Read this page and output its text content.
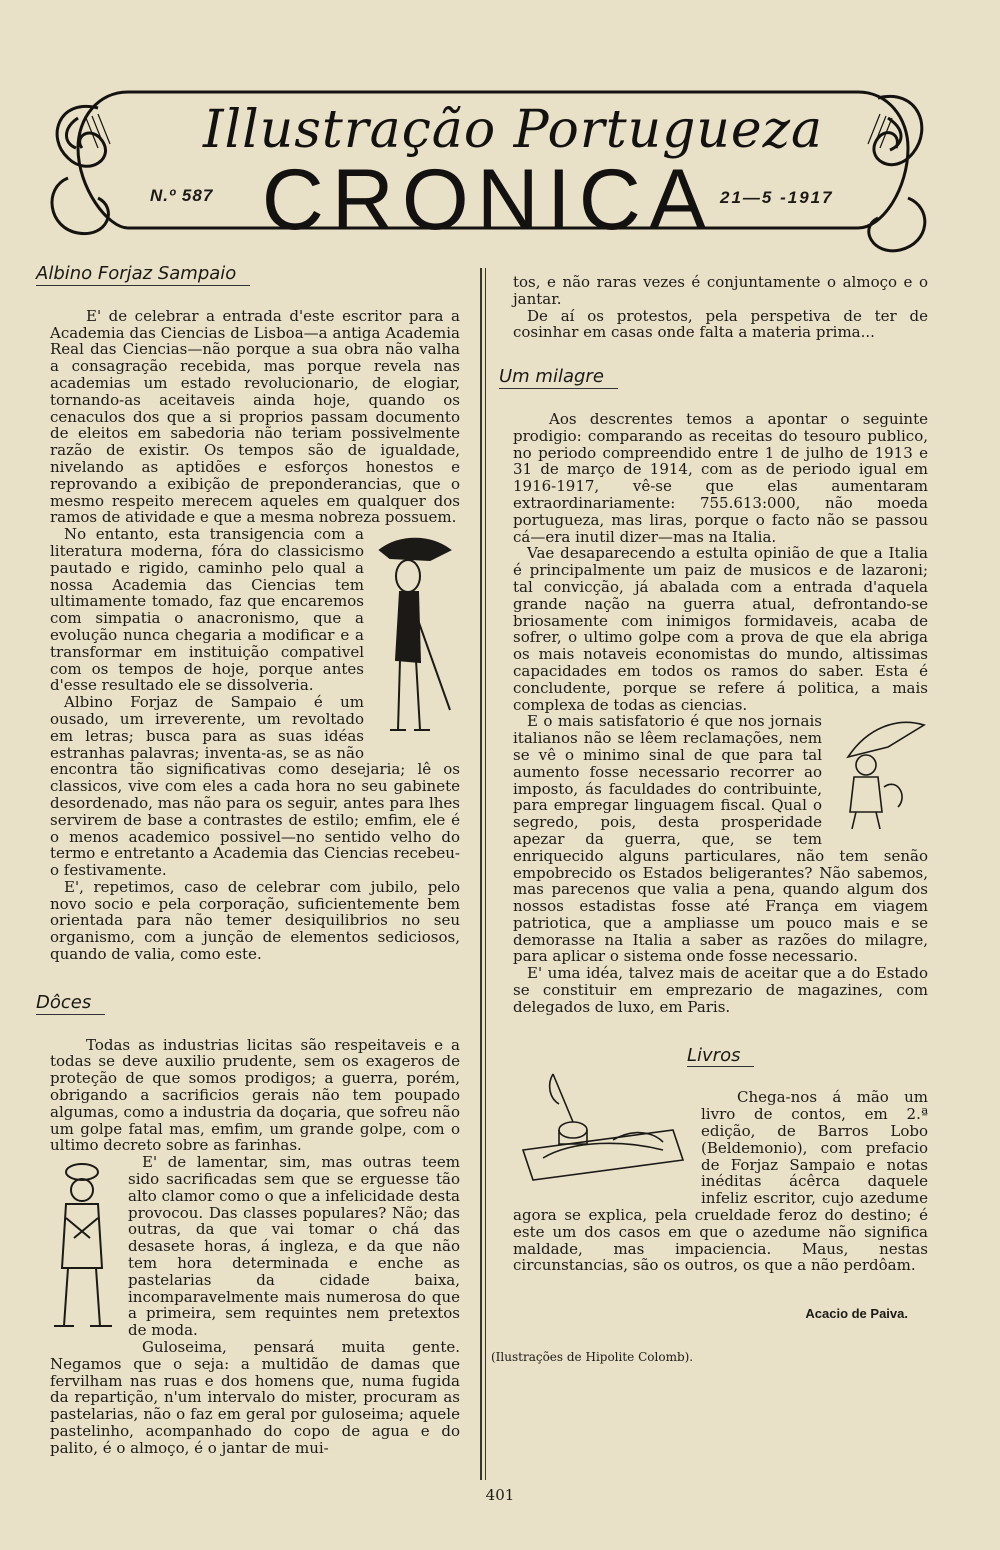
Illustração Portugueza
CRONICA
N.º 587	21—5 -1917
Albino Forjaz Sampaio

E' de celebrar a entrada d'este escritor para a Academia das Ciencias de Lisboa—a antiga Academia Real das Ciencias—não porque a sua obra não valha a consagração recebida, mas porque revela nas academias um estado revolucionario, de elogiar, tornando-as aceitaveis ainda hoje, quando os cenaculos dos que a si proprios passam documento de eleitos em sabedoria não teriam possivelmente razão de existir. Os tempos são de igualdade, nivelando as aptidões e esforços honestos e reprovando a exibição de preponderancias, que o mesmo respeito merecem aqueles em qualquer dos ramos de atividade e que a mesma nobreza possuem.

No entanto, esta transigencia com a literatura moderna, fóra do classicismo pautado e rigido, caminho pelo qual a nossa Academia das Ciencias tem ultimamente tomado, faz que encaremos com simpatia o anacronismo, que a evolução nunca chegaria a modificar e a transformar em instituição compativel com os tempos de hoje, porque antes d'esse resultado ele se dissolveria.

Albino Forjaz de Sampaio é um ousado, um irreverente, um revoltado em letras; busca para as suas idéas estranhas palavras; inventa-as, se as não encontra tão significativas como desejaria; lê os classicos, vive com eles a cada hora no seu gabinete desordenado, mas não para os seguir, antes para lhes servirem de base a contrastes de estilo; emfim, ele é o menos academico possivel—no sentido velho do termo e entretanto a Academia das Ciencias recebeu-o festivamente.

E', repetimos, caso de celebrar com jubilo, pelo novo socio e pela corporação, suficientemente bem orientada para não temer desiquilibrios no seu organismo, com a junção de elementos sediciosos, quando de valia, como este.

Dôces

Todas as industrias licitas são respeitaveis e a todas se deve auxilio prudente, sem os exageros de proteção de que somos prodigos; a guerra, porém, obrigando a sacrificios gerais não tem poupado algumas, como a industria da doçaria, que sofreu não um golpe fatal mas, emfim, um grande golpe, com o ultimo decreto sobre as farinhas.

E' de lamentar, sim, mas outras teem sido sacrificadas sem que se erguesse tão alto clamor como o que a infelicidade desta provocou. Das classes populares? Não; das outras, da que vai tomar o chá das desasete horas, á ingleza, e da que não tem hora determinada e enche as pastelarias da cidade baixa, incomparavelmente mais numerosa do que a primeira, sem requintes nem pretextos de moda.

Guloseima, pensará muita gente. Negamos que o seja: a multidão de damas que fervilham nas ruas e dos homens que, numa fugida da repartição, n'um intervalo do mister, procuram as pastelarias, não o faz em geral por guloseima; aquele pastelinho, acompanhado do copo de agua e do palito, é o almoço, é o jantar de mui-

tos, e não raras vezes é conjuntamente o almoço e o jantar.

De aí os protestos, pela perspetiva de ter de cosinhar em casas onde falta a materia prima...

Um milagre

Aos descrentes temos a apontar o seguinte prodigio: comparando as receitas do tesouro publico, no periodo compreendido entre 1 de julho de 1913 e 31 de março de 1914, com as de periodo igual em 1916-1917, vê-se que elas aumentaram extraordinariamente: 755.613:000, não moeda portugueza, mas liras, porque o facto não se passou cá—era inutil dizer—mas na Italia.

Vae desaparecendo a estulta opinião de que a Italia é principalmente um paiz de musicos e de lazaroni; tal convicção, já abalada com a entrada d'aquela grande nação na guerra atual, defrontando-se briosamente com inimigos formidaveis, acaba de sofrer, o ultimo golpe com a prova de que ela abriga os mais notaveis economistas do mundo, altissimas capacidades em todos os ramos do saber. Esta é concludente, porque se refere á politica, a mais complexa de todas as ciencias.

E o mais satisfatorio é que nos jornais italianos não se lêem reclamações, nem se vê o minimo sinal de que para tal aumento fosse necessario recorrer ao imposto, ás faculdades do contribuinte, para empregar linguagem fiscal. Qual o segredo, pois, desta prosperidade apezar da guerra, que, se tem enriquecido alguns particulares, não tem senão empobrecido os Estados beligerantes? Não sabemos, mas parecenos que valia a pena, quando algum dos nossos estadistas fosse até França em viagem patriotica, que a ampliasse um pouco mais e se demorasse na Italia a saber as razões do milagre, para aplicar o sistema onde fosse necessario.

E' uma idéa, talvez mais de aceitar que a do Estado se constituir em emprezario de magazines, com delegados de luxo, em Paris.

Livros

Chega-nos á mão um livro de contos, em 2.ª edição, de Barros Lobo (Beldemonio), com prefacio de Forjaz Sampaio e notas inéditas ácêrca daquele infeliz escritor, cujo azedume agora se explica, pela crueldade feroz do destino; é este um dos casos em que o azedume não significa maldade, mas impaciencia. Maus, nestas circunstancias, são os outros, os que a não perdôam.

Acacio de Paiva.
(Ilustrações de Hipolite Colomb).
401
